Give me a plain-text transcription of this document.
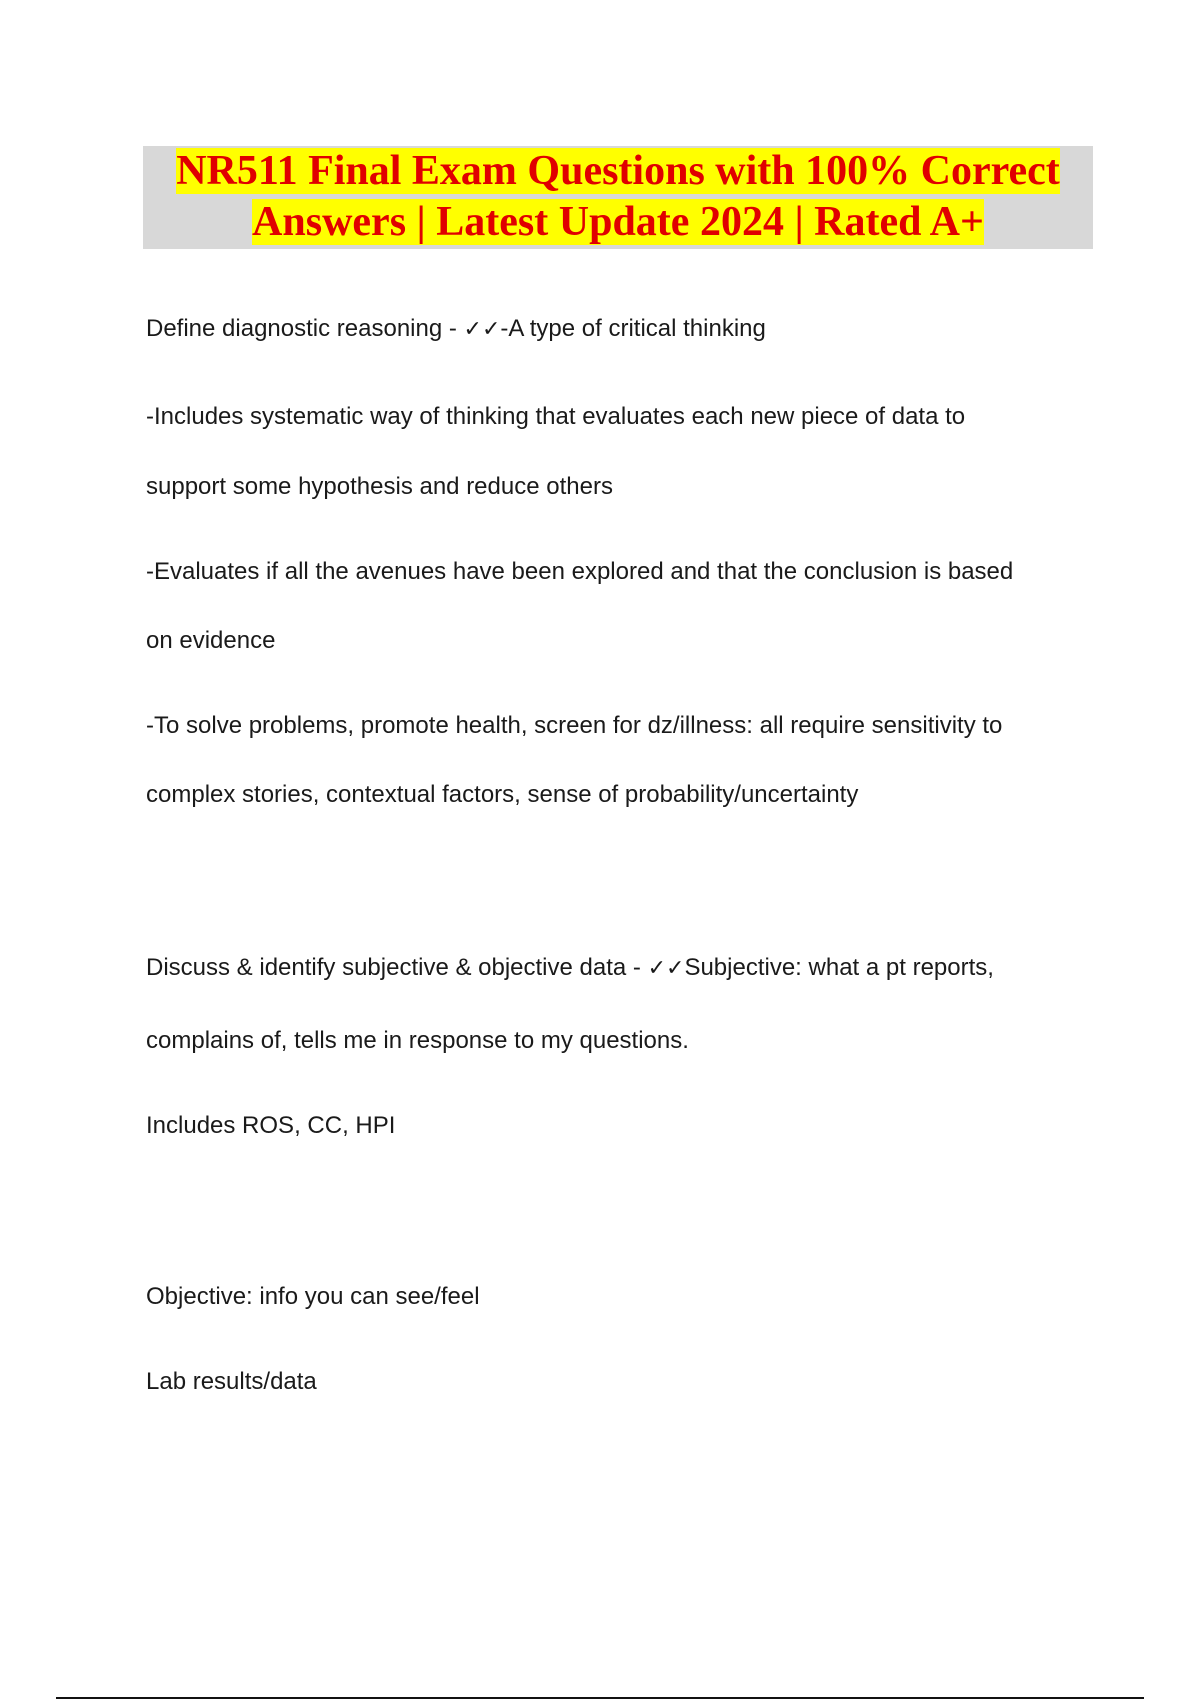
NR511 Final Exam Questions with 100% Correct
Answers | Latest Update 2024 | Rated A+

Define diagnostic reasoning - ✓✓-A type of critical thinking

-Includes systematic way of thinking that evaluates each new piece of data to

support some hypothesis and reduce others

-Evaluates if all the avenues have been explored and that the conclusion is based

on evidence

-To solve problems, promote health, screen for dz/illness: all require sensitivity to

complex stories, contextual factors, sense of probability/uncertainty

Discuss & identify subjective & objective data - ✓✓Subjective: what a pt reports,

complains of, tells me in response to my questions.

Includes ROS, CC, HPI

Objective: info you can see/feel

Lab results/data
